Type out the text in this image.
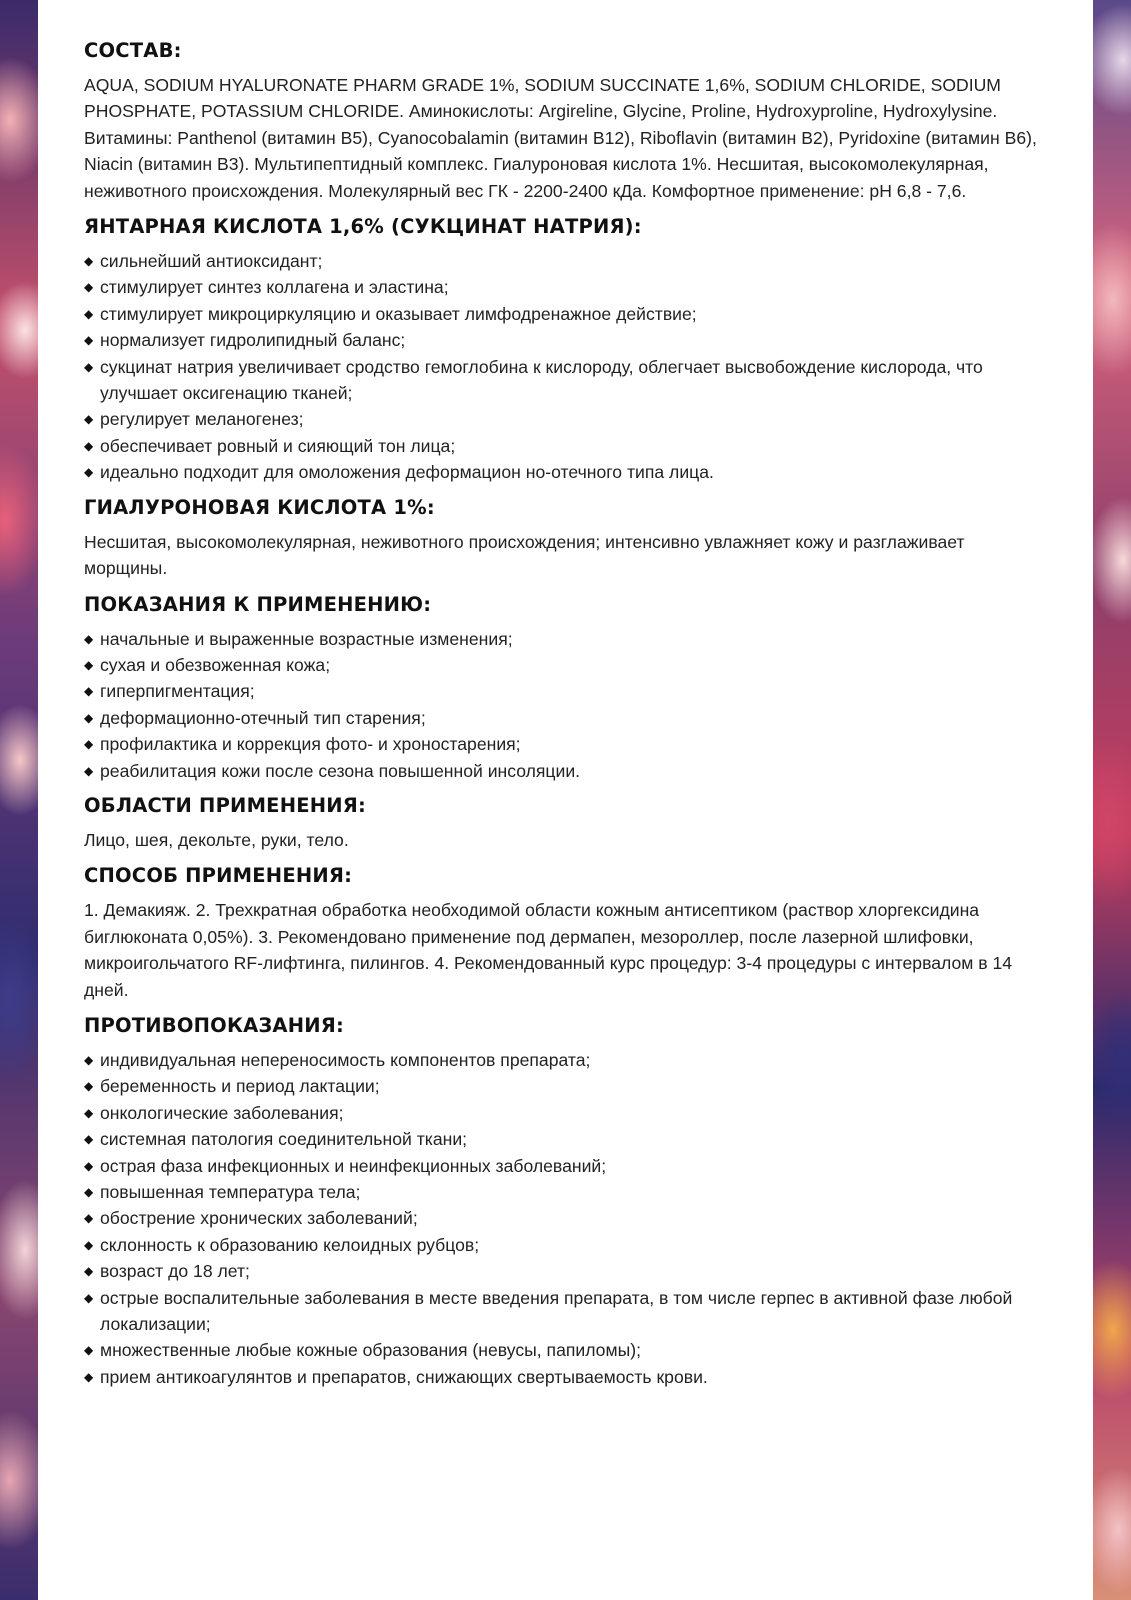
СОСТАВ:

AQUA, SODIUM HYALURONATE PHARM GRADE 1%, SODIUM SUCCINATE 1,6%, SODIUM CHLORIDE, SODIUM PHOSPHATE, POTASSIUM CHLORIDE. Аминокислоты: Argireline, Glycine, Proline, Hydroxyproline, Hydroxylysine. Витамины: Panthenol (витамин B5), Cyanocobalamin (витамин B12), Riboflavin (витамин B2), Pyridoxine (витамин B6), Niacin (витамин B3). Мультипептидный комплекс. Гиалуроновая кислота 1%. Несшитая, высокомолекулярная, неживотного происхождения. Молекулярный вес ГК - 2200-2400 кДа. Комфортное применение: pH 6,8 - 7,6.

ЯНТАРНАЯ КИСЛОТА 1,6% (СУКЦИНАТ НАТРИЯ):
◆ сильнейший антиоксидант;
◆ стимулирует синтез коллагена и эластина;
◆ стимулирует микроциркуляцию и оказывает лимфодренажное действие;
◆ нормализует гидролипидный баланс;
◆ сукцинат натрия увеличивает сродство гемоглобина к кислороду, облегчает высвобождение кислорода, что улучшает оксигенацию тканей;
◆ регулирует меланогенез;
◆ обеспечивает ровный и сияющий тон лица;
◆ идеально подходит для омоложения деформацион но-отечного типа лица.
ГИАЛУРОНОВАЯ КИСЛОТА 1%:

Несшитая, высокомолекулярная, неживотного происхождения; интенсивно увлажняет кожу и разглаживает морщины.

ПОКАЗАНИЯ К ПРИМЕНЕНИЮ:
◆ начальные и выраженные возрастные изменения;
◆ сухая и обезвоженная кожа;
◆ гиперпигментация;
◆ деформационно-отечный тип старения;
◆ профилактика и коррекция фото- и хроностарения;
◆ реабилитация кожи после сезона повышенной инсоляции.
ОБЛАСТИ ПРИМЕНЕНИЯ:

Лицо, шея, декольте, руки, тело.

СПОСОБ ПРИМЕНЕНИЯ:

1. Демакияж. 2. Трехкратная обработка необходимой области кожным антисептиком (раствор хлоргексидина биглюконата 0,05%). 3. Рекомендовано применение под дермапен, мезороллер, после лазерной шлифовки, микроигольчатого RF-лифтинга, пилингов. 4. Рекомендованный курс процедур: 3-4 процедуры с интервалом в 14 дней.

ПРОТИВОПОКАЗАНИЯ:
◆ индивидуальная непереносимость компонентов препарата;
◆ беременность и период лактации;
◆ онкологические заболевания;
◆ системная патология соединительной ткани;
◆ острая фаза инфекционных и неинфекционных заболеваний;
◆ повышенная температура тела;
◆ обострение хронических заболеваний;
◆ склонность к образованию келоидных рубцов;
◆ возраст до 18 лет;
◆ острые воспалительные заболевания в месте введения препарата, в том числе герпес в активной фазе любой локализации;
◆ множественные любые кожные образования (невусы, папиломы);
◆ прием антикоагулянтов и препаратов, снижающих свертываемость крови.
